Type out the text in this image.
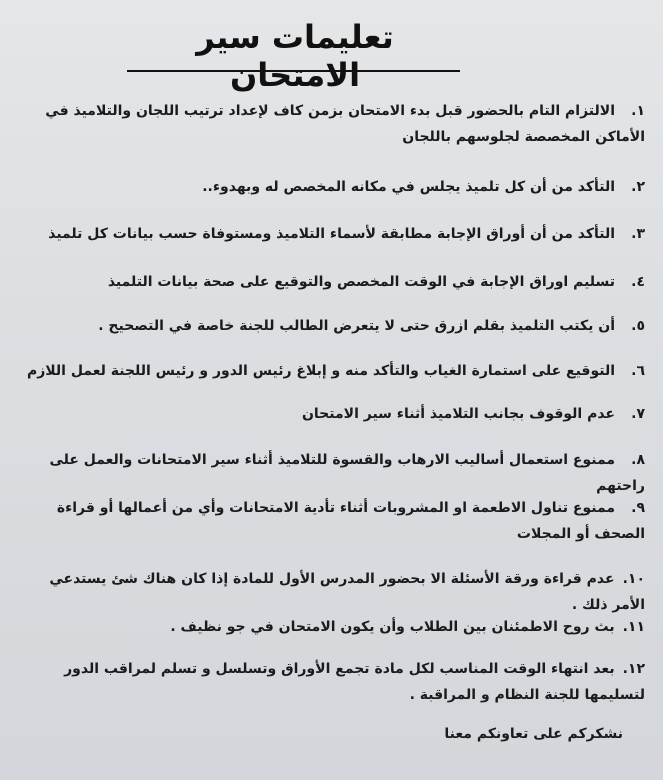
تعليمات سير الامتحان

١.الالتزام التام بالحضور قبل بدء الامتحان بزمن كاف لإعداد ترتيب اللجان والتلاميذ في الأماكن المخصصة لجلوسهم باللجان

٢.التأكد من أن كل تلميذ يجلس في مكانه المخصص له وبهدوء..

٣.التأكد من أن أوراق الإجابة مطابقة لأسماء التلاميذ ومستوفاة حسب بيانات كل تلميذ

٤.تسليم اوراق الإجابة في الوقت المخصص والتوقيع على صحة بيانات التلميذ

٥.أن يكتب التلميذ بقلم ازرق حتى لا يتعرض الطالب للجنة خاصة في التصحيح .

٦.التوقيع على استمارة الغياب والتأكد منه و إبلاغ رئيس الدور و رئيس اللجنة لعمل اللازم

٧.عدم الوقوف بجانب التلاميذ أثناء سير الامتحان

٨.ممنوع استعمال أساليب الارهاب والقسوة للتلاميذ أثناء سير الامتحانات والعمل على راحتهم

٩.ممنوع تناول الاطعمة او المشروبات أثناء تأدية الامتحانات وأي من أعمالها أو قراءة الصحف أو المجلات

١٠.عدم قراءة ورقة الأسئلة الا بحضور المدرس الأول للمادة إذا كان هناك شئ يستدعي الأمر ذلك .

١١.بث روح الاطمئنان بين الطلاب وأن يكون الامتحان في جو نظيف .

١٢.بعد انتهاء الوقت المناسب لكل مادة تجمع الأوراق وتسلسل و تسلم لمراقب الدور لتسليمها للجنة النظام و المراقبة .

نشكركم على تعاونكم معنا
